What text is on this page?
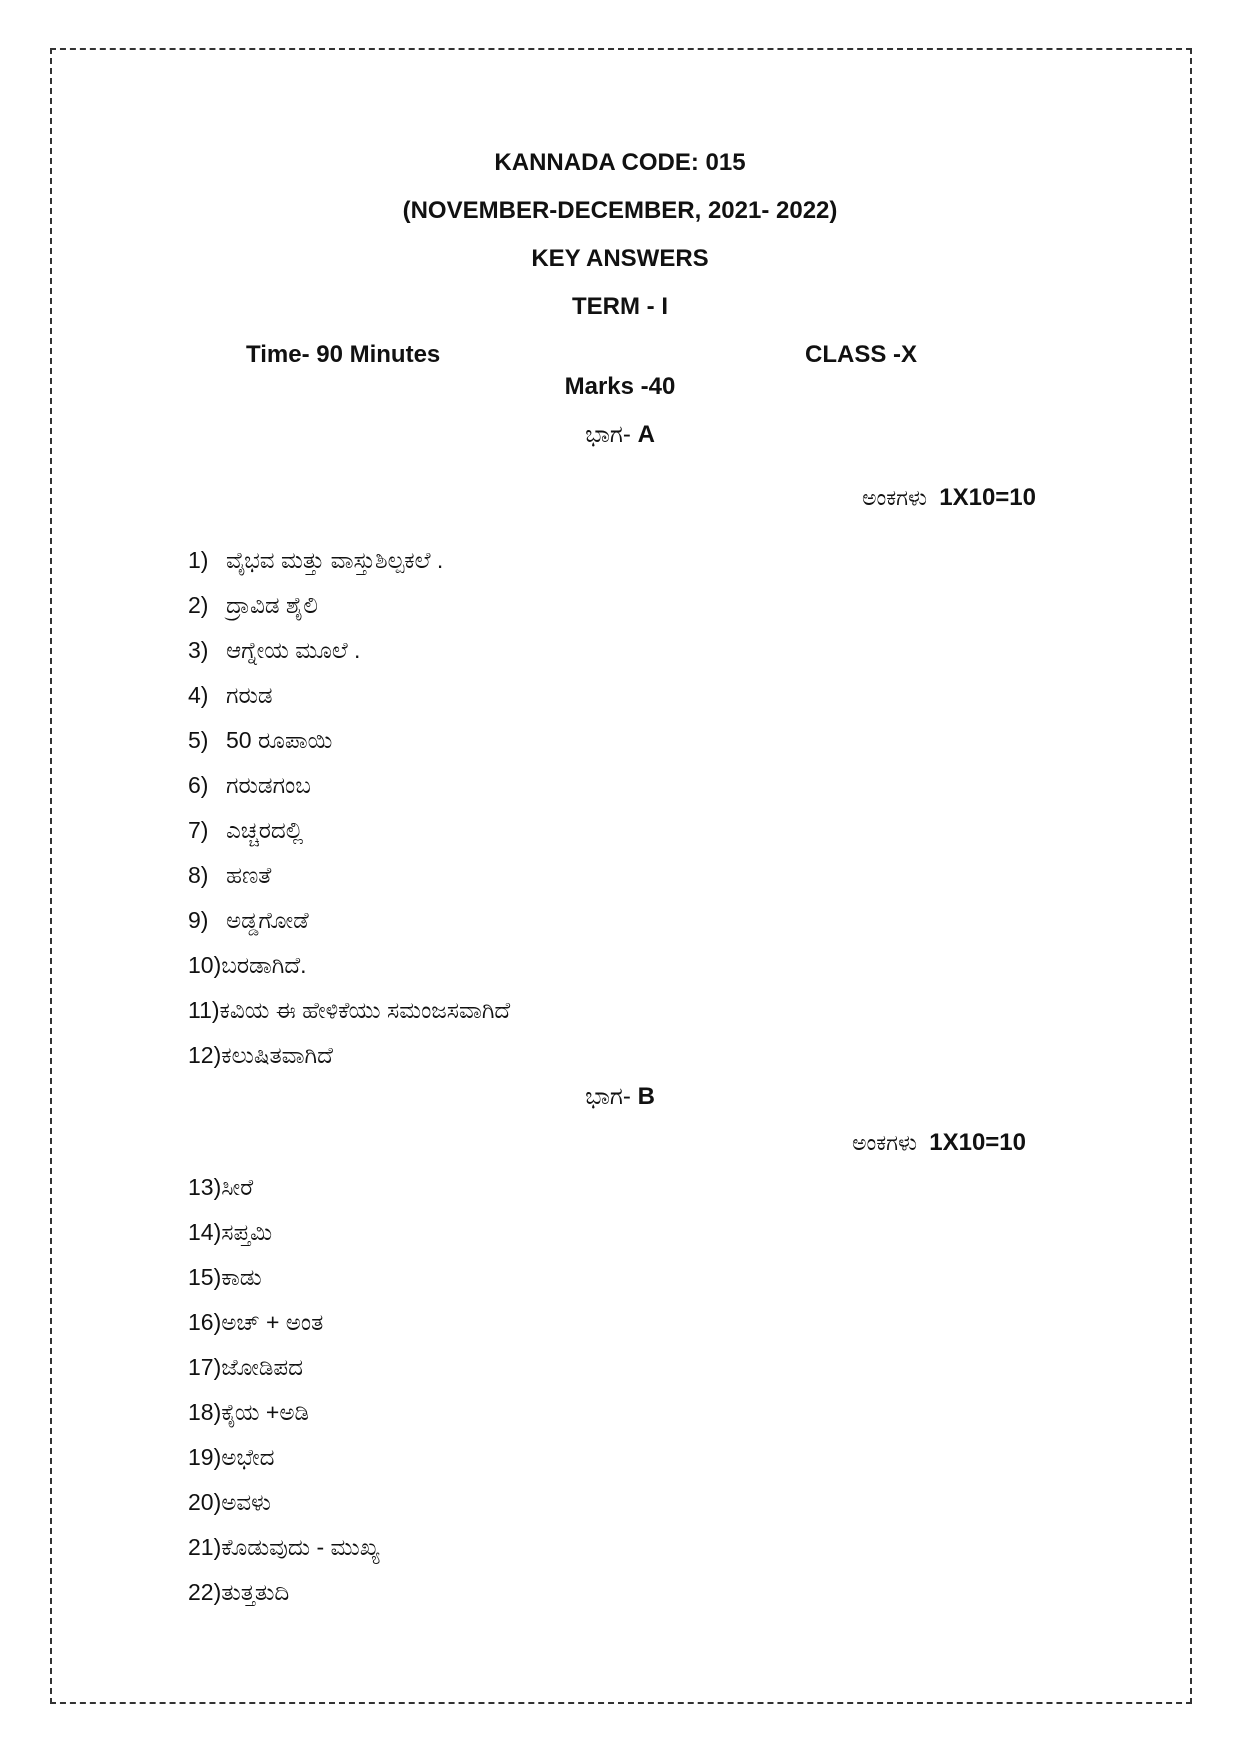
KANNADA CODE: 015
(NOVEMBER-DECEMBER, 2021- 2022)
KEY ANSWERS
TERM - I
Time- 90 Minutes	CLASS -X
Marks -40
ಭಾಗ- A
ಅಂಕಗಳು 1X10=10
1) ವೈಭವ ಮತ್ತು ವಾಸ್ತುಶಿಲ್ಪಕಲೆ .
2) ದ್ರಾವಿಡ ಶೈಲಿ
3) ಆಗ್ನೇಯ ಮೂಲೆ .
4) ಗರುಡ
5) 50 ರೂಪಾಯಿ
6) ಗರುಡಗಂಬ
7) ಎಚ್ಚರದಲ್ಲಿ
8) ಹಣತೆ
9) ಅಡ್ಡಗೋಡೆ
10)ಬರಡಾಗಿದೆ.
11)ಕವಿಯ ಈ ಹೇಳಿಕೆಯು ಸಮಂಜಸವಾಗಿದೆ
12)ಕಲುಷಿತವಾಗಿದೆ
ಭಾಗ- B
ಅಂಕಗಳು 1X10=10
13)ಸೀರೆ
14)ಸಪ್ತಮಿ
15)ಕಾಡು
16)ಅಚ್ + ಅಂತ
17)ಜೋಡಿಪದ
18)ಕೈಯ +ಅಡಿ
19)ಅಭೇದ
20)ಅವಳು
21)ಕೊಡುವುದು - ಮುಖ್ಯ
22)ತುತ್ತತುದಿ
